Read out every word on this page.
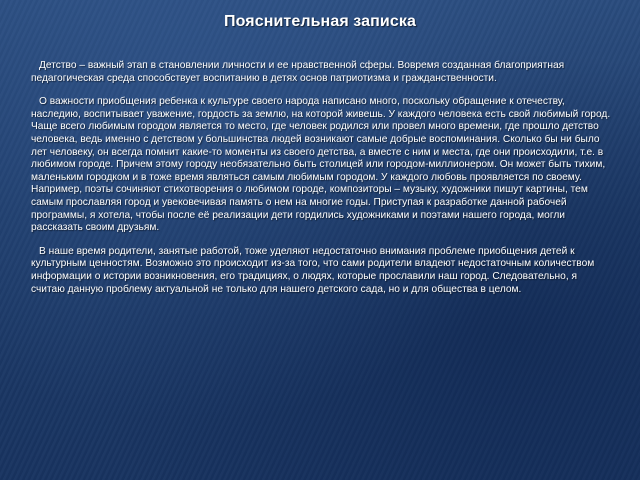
Пояснительная записка

Детство – важный этап в становлении личности и ее нравственной сферы. Вовремя созданная благоприятная педагогическая среда способствует воспитанию в детях основ патриотизма и гражданственности.

О важности приобщения ребенка к культуре своего народа написано много, поскольку обращение к отечеству, наследию, воспитывает уважение, гордость за землю, на которой живешь. У каждого человека есть свой любимый город. Чаще всего любимым городом является то место, где человек родился или провел много времени, где прошло детство человека, ведь именно с детством у большинства людей возникают самые добрые воспоминания. Сколько бы ни было лет человеку, он всегда помнит какие-то моменты из своего детства, а вместе с ним и места, где они происходили, т.е. в любимом городе. Причем этому городу необязательно быть столицей или городом-миллионером. Он может быть тихим, маленьким городком и в тоже время являться самым любимым городом. У каждого любовь проявляется по своему. Например, поэты сочиняют стихотворения о любимом городе, композиторы – музыку, художники пишут картины, тем самым прославляя город и увековечивая память о нем на многие годы. Приступая к разработке данной рабочей программы, я хотела, чтобы после её реализации дети гордились художниками и поэтами нашего города, могли рассказать своим друзьям.

В наше время родители, занятые работой, тоже уделяют недостаточно внимания проблеме приобщения детей к культурным ценностям. Возможно это происходит из-за того, что сами родители владеют недостаточным количеством информации о истории возникновения, его традициях, о людях, которые прославили наш город. Следовательно, я считаю данную проблему актуальной не только для нашего детского сада, но и для общества в целом.
